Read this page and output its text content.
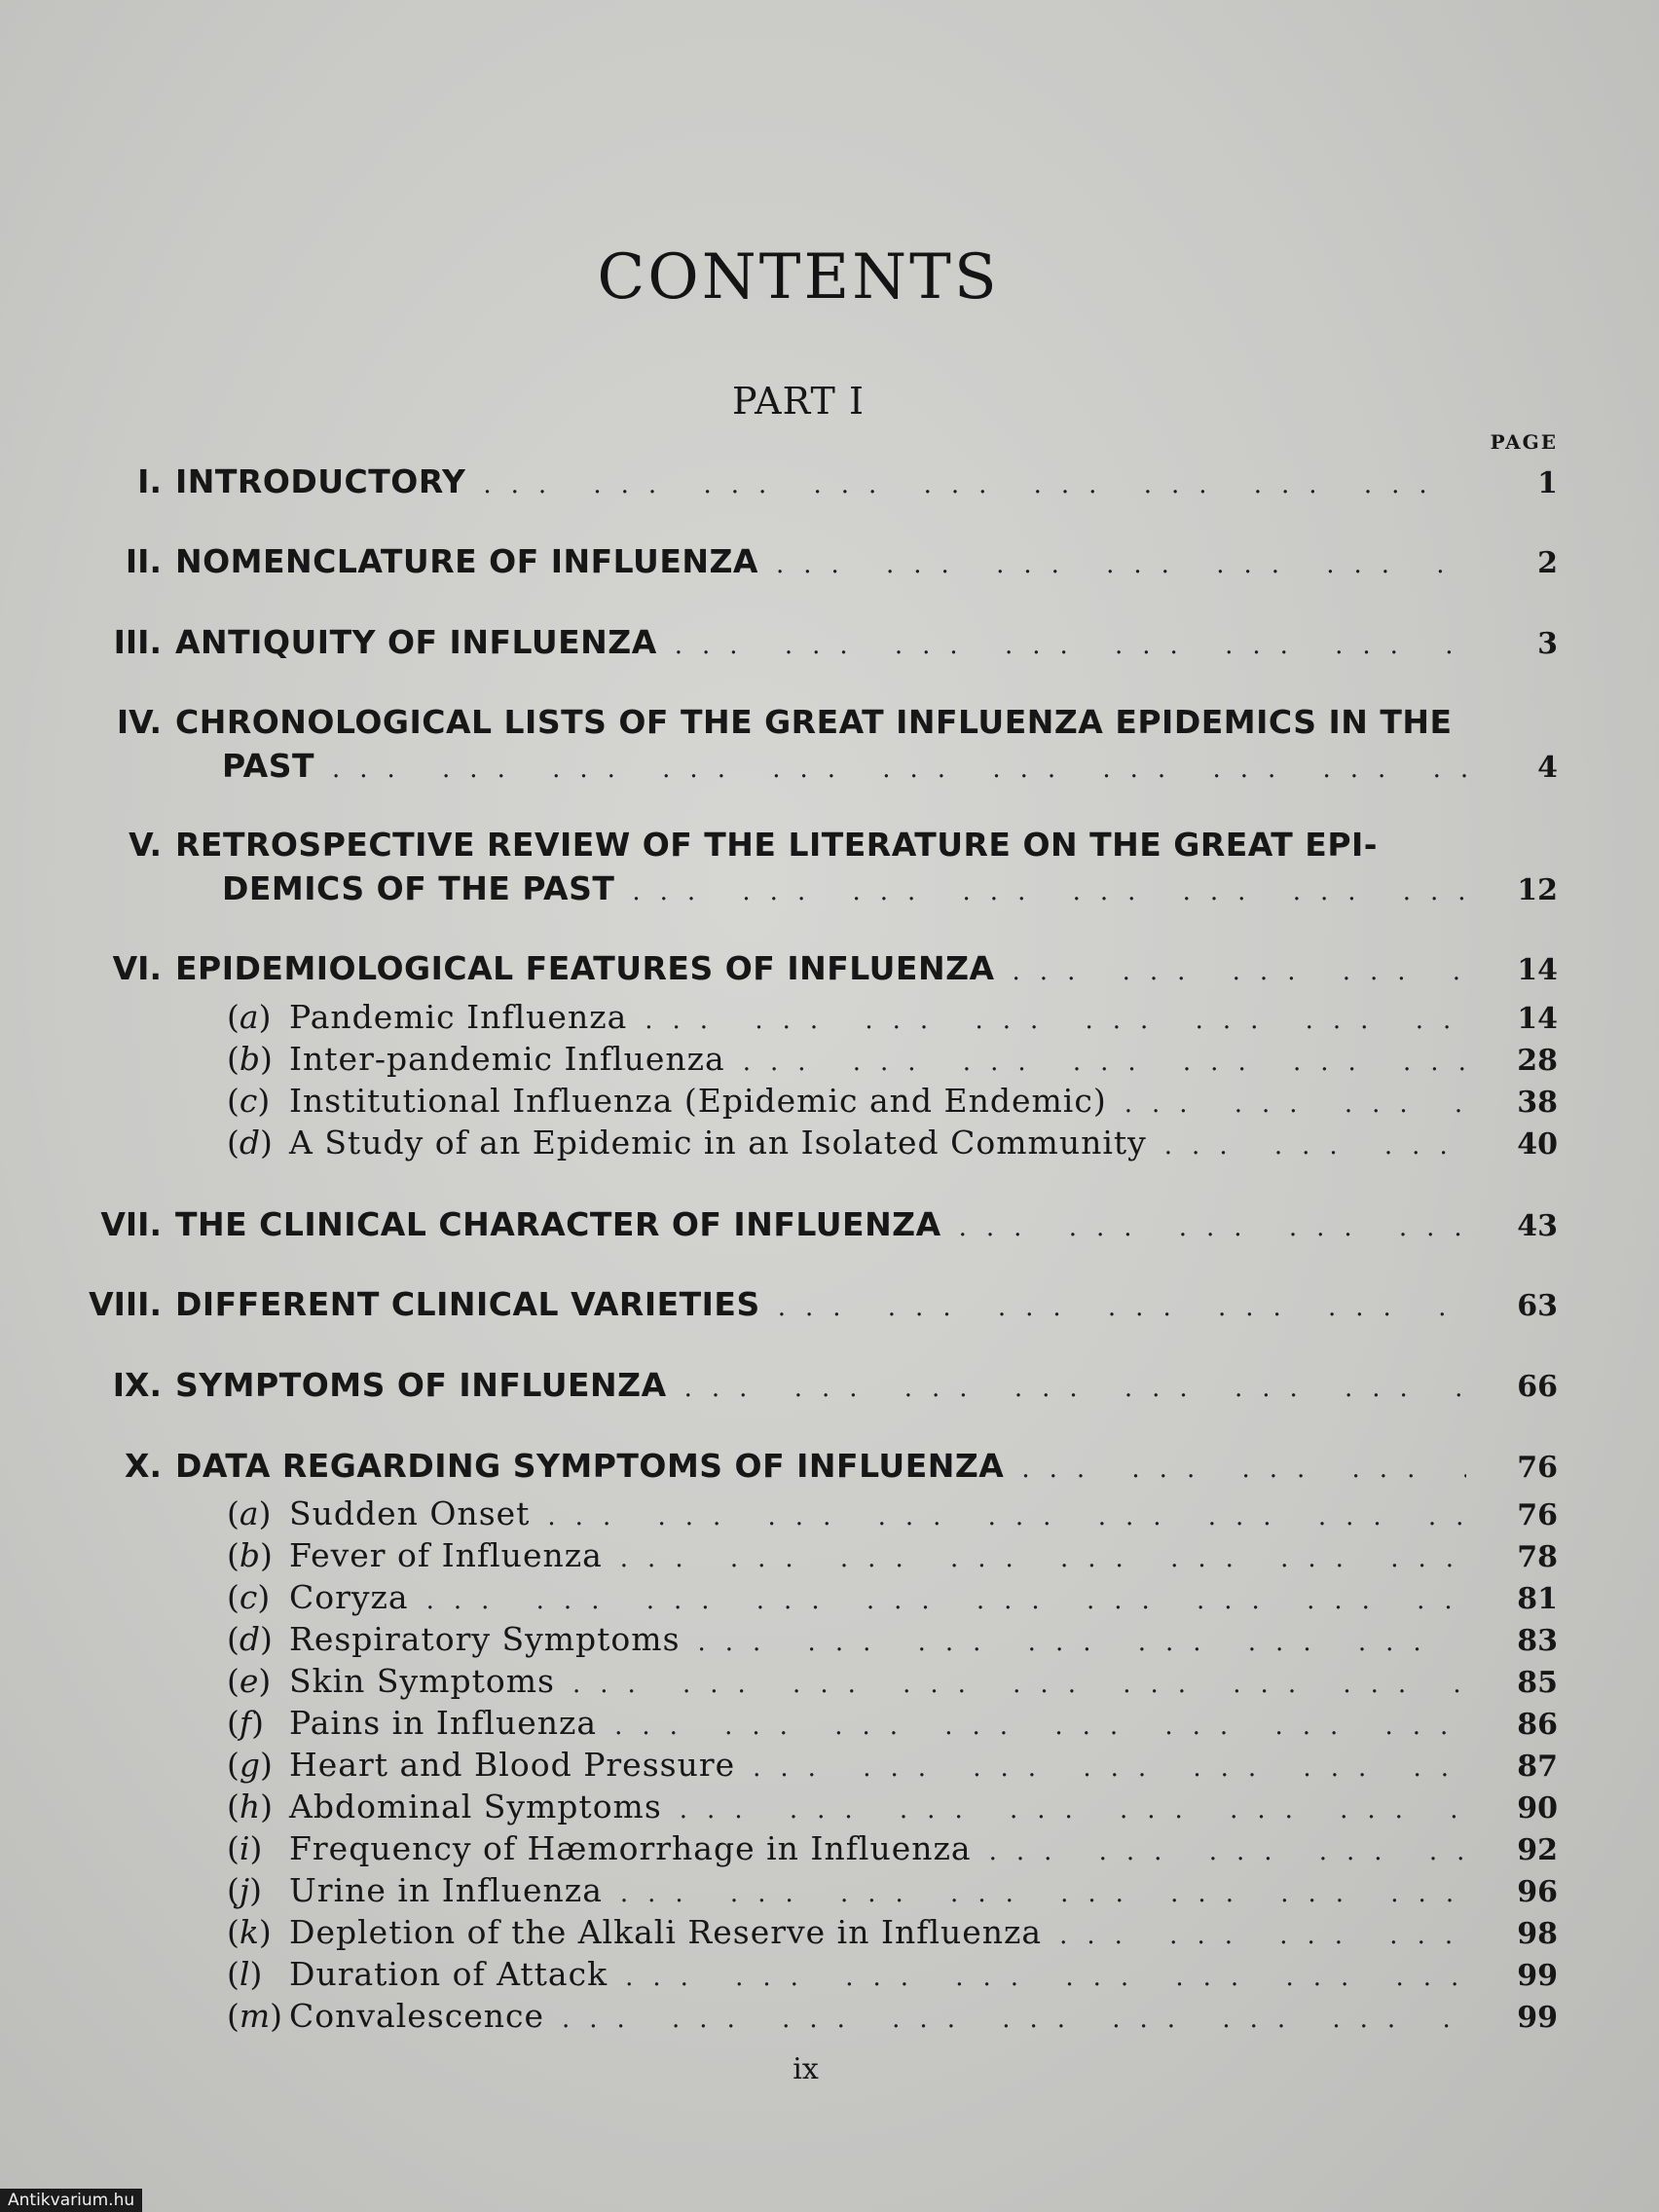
CONTENTS
PART I
PAGE
I. INTRODUCTORY ... .	1
II. NOMENCLATURE OF INFLUENZA ... .	2
III. ANTIQUITY OF INFLUENZA ... .	3
IV. CHRONOLOGICAL LISTS OF THE GREAT INFLUENZA EPIDEMICS IN THE
PAST ... .	4
V. RETROSPECTIVE REVIEW OF THE LITERATURE ON THE GREAT EPI-
DEMICS OF THE PAST ... .	12
VI. EPIDEMIOLOGICAL FEATURES OF INFLUENZA ... .	14
(a) Pandemic Influenza ... .	14
(b) Inter-pandemic Influenza ... .	28
(c) Institutional Influenza (Epidemic and Endemic) ... .	38
(d) A Study of an Epidemic in an Isolated Community ... .	40
VII. THE CLINICAL CHARACTER OF INFLUENZA ... .	43
VIII. DIFFERENT CLINICAL VARIETIES ... .	63
IX. SYMPTOMS OF INFLUENZA ... .	66
X. DATA REGARDING SYMPTOMS OF INFLUENZA ... .	76
(a) Sudden Onset ... .	76
(b) Fever of Influenza ... .	78
(c) Coryza ... .	81
(d) Respiratory Symptoms ... .	83
(e) Skin Symptoms ... .	85
(f) Pains in Influenza ... .	86
(g) Heart and Blood Pressure ... .	87
(h) Abdominal Symptoms ... .	90
(i) Frequency of Hæmorrhage in Influenza ... .	92
(j) Urine in Influenza ... .	96
(k) Depletion of the Alkali Reserve in Influenza ... .	98
(l) Duration of Attack ... .	99
(m) Convalescence ... .	99
ix
Antikvarium.hu
